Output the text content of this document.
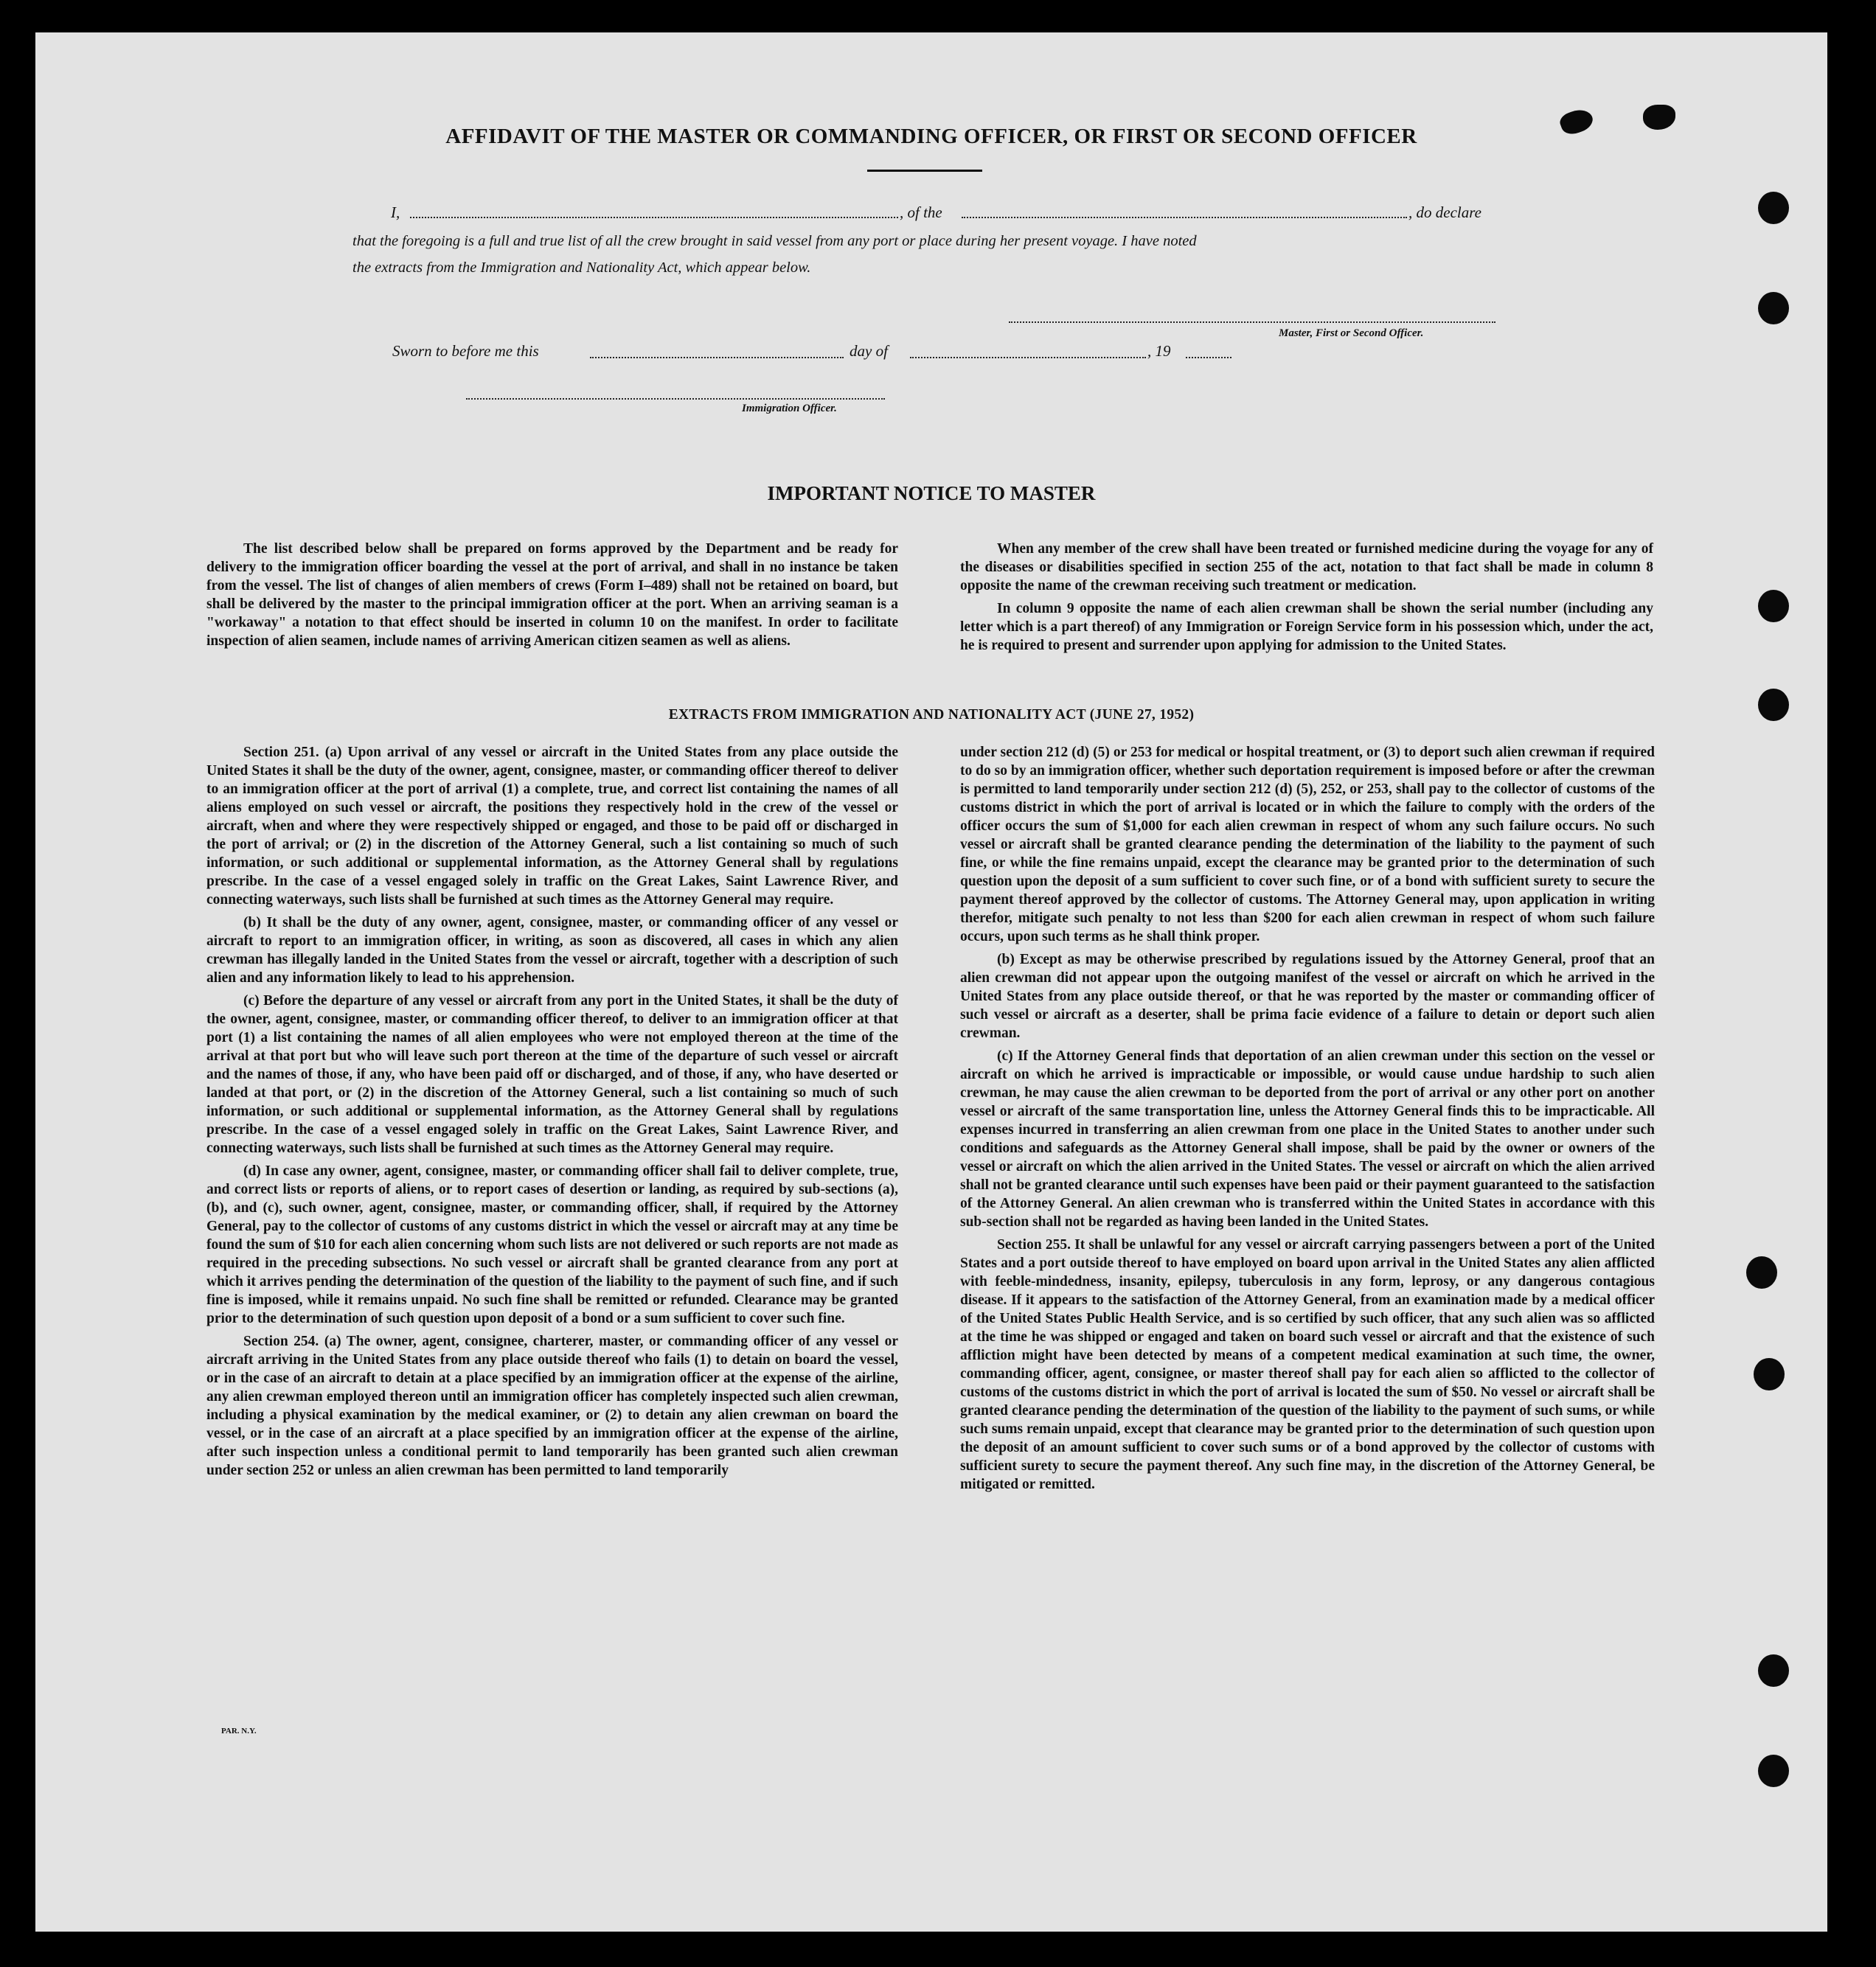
AFFIDAVIT OF THE MASTER OR COMMANDING OFFICER, OR FIRST OR SECOND OFFICER
I,	, of the	, do declare
that the foregoing is a full and true list of all the crew brought in said vessel from any port or place during her present voyage. I have noted
the extracts from the Immigration and Nationality Act, which appear below.
Master, First or Second Officer.
Sworn to before me this	day of	, 19
Immigration Officer.
IMPORTANT NOTICE TO MASTER

The list described below shall be prepared on forms approved by the Department and be ready for delivery to the immigration officer boarding the vessel at the port of arrival, and shall in no instance be taken from the vessel. The list of changes of alien members of crews (Form I–489) shall not be retained on board, but shall be delivered by the master to the principal immigration officer at the port. When an arriving seaman is a "workaway" a notation to that effect should be inserted in column 10 on the manifest. In order to facilitate inspection of alien seamen, include names of arriving American citizen seamen as well as aliens.

When any member of the crew shall have been treated or furnished medicine during the voyage for any of the diseases or disabilities specified in section 255 of the act, notation to that fact shall be made in column 8 opposite the name of the crewman receiving such treatment or medication.

In column 9 opposite the name of each alien crewman shall be shown the serial number (including any letter which is a part thereof) of any Immigration or Foreign Service form in his possession which, under the act, he is required to present and surrender upon applying for admission to the United States.

EXTRACTS FROM IMMIGRATION AND NATIONALITY ACT (JUNE 27, 1952)

Section 251. (a) Upon arrival of any vessel or aircraft in the United States from any place outside the United States it shall be the duty of the owner, agent, consignee, master, or commanding officer thereof to deliver to an immigration officer at the port of arrival (1) a complete, true, and correct list containing the names of all aliens employed on such vessel or aircraft, the positions they respectively hold in the crew of the vessel or aircraft, when and where they were respectively shipped or engaged, and those to be paid off or discharged in the port of arrival; or (2) in the discretion of the Attorney General, such a list containing so much of such information, or such additional or supplemental information, as the Attorney General shall by regulations prescribe. In the case of a vessel engaged solely in traffic on the Great Lakes, Saint Lawrence River, and connecting waterways, such lists shall be furnished at such times as the Attorney General may require.

(b) It shall be the duty of any owner, agent, consignee, master, or commanding officer of any vessel or aircraft to report to an immigration officer, in writing, as soon as discovered, all cases in which any alien crewman has illegally landed in the United States from the vessel or aircraft, together with a description of such alien and any information likely to lead to his apprehension.

(c) Before the departure of any vessel or aircraft from any port in the United States, it shall be the duty of the owner, agent, consignee, master, or commanding officer thereof, to deliver to an immigration officer at that port (1) a list containing the names of all alien employees who were not employed thereon at the time of the arrival at that port but who will leave such port thereon at the time of the departure of such vessel or aircraft and the names of those, if any, who have been paid off or discharged, and of those, if any, who have deserted or landed at that port, or (2) in the discretion of the Attorney General, such a list containing so much of such information, or such additional or supplemental information, as the Attorney General shall by regulations prescribe. In the case of a vessel engaged solely in traffic on the Great Lakes, Saint Lawrence River, and connecting waterways, such lists shall be furnished at such times as the Attorney General may require.

(d) In case any owner, agent, consignee, master, or commanding officer shall fail to deliver complete, true, and correct lists or reports of aliens, or to report cases of desertion or landing, as required by sub-sections (a), (b), and (c), such owner, agent, consignee, master, or commanding officer, shall, if required by the Attorney General, pay to the collector of customs of any customs district in which the vessel or aircraft may at any time be found the sum of $10 for each alien concerning whom such lists are not delivered or such reports are not made as required in the preceding subsections. No such vessel or aircraft shall be granted clearance from any port at which it arrives pending the determination of the question of the liability to the payment of such fine, and if such fine is imposed, while it remains unpaid. No such fine shall be remitted or refunded. Clearance may be granted prior to the determination of such question upon deposit of a bond or a sum sufficient to cover such fine.

Section 254. (a) The owner, agent, consignee, charterer, master, or commanding officer of any vessel or aircraft arriving in the United States from any place outside thereof who fails (1) to detain on board the vessel, or in the case of an aircraft to detain at a place specified by an immigration officer at the expense of the airline, any alien crewman employed thereon until an immigration officer has completely inspected such alien crewman, including a physical examination by the medical examiner, or (2) to detain any alien crewman on board the vessel, or in the case of an aircraft at a place specified by an immigration officer at the expense of the airline, after such inspection unless a conditional permit to land temporarily has been granted such alien crewman under section 252 or unless an alien crewman has been permitted to land temporarily

under section 212 (d) (5) or 253 for medical or hospital treatment, or (3) to deport such alien crewman if required to do so by an immigration officer, whether such deportation requirement is imposed before or after the crewman is permitted to land temporarily under section 212 (d) (5), 252, or 253, shall pay to the collector of customs of the customs district in which the port of arrival is located or in which the failure to comply with the orders of the officer occurs the sum of $1,000 for each alien crewman in respect of whom any such failure occurs. No such vessel or aircraft shall be granted clearance pending the determination of the liability to the payment of such fine, or while the fine remains unpaid, except the clearance may be granted prior to the determination of such question upon the deposit of a sum sufficient to cover such fine, or of a bond with sufficient surety to secure the payment thereof approved by the collector of customs. The Attorney General may, upon application in writing therefor, mitigate such penalty to not less than $200 for each alien crewman in respect of whom such failure occurs, upon such terms as he shall think proper.

(b) Except as may be otherwise prescribed by regulations issued by the Attorney General, proof that an alien crewman did not appear upon the outgoing manifest of the vessel or aircraft on which he arrived in the United States from any place outside thereof, or that he was reported by the master or commanding officer of such vessel or aircraft as a deserter, shall be prima facie evidence of a failure to detain or deport such alien crewman.

(c) If the Attorney General finds that deportation of an alien crewman under this section on the vessel or aircraft on which he arrived is impracticable or impossible, or would cause undue hardship to such alien crewman, he may cause the alien crewman to be deported from the port of arrival or any other port on another vessel or aircraft of the same transportation line, unless the Attorney General finds this to be impracticable. All expenses incurred in transferring an alien crewman from one place in the United States to another under such conditions and safeguards as the Attorney General shall impose, shall be paid by the owner or owners of the vessel or aircraft on which the alien arrived in the United States. The vessel or aircraft on which the alien arrived shall not be granted clearance until such expenses have been paid or their payment guaranteed to the satisfaction of the Attorney General. An alien crewman who is transferred within the United States in accordance with this sub-section shall not be regarded as having been landed in the United States.

Section 255. It shall be unlawful for any vessel or aircraft carrying passengers between a port of the United States and a port outside thereof to have employed on board upon arrival in the United States any alien afflicted with feeble-mindedness, insanity, epilepsy, tuberculosis in any form, leprosy, or any dangerous contagious disease. If it appears to the satisfaction of the Attorney General, from an examination made by a medical officer of the United States Public Health Service, and is so certified by such officer, that any such alien was so afflicted at the time he was shipped or engaged and taken on board such vessel or aircraft and that the existence of such affliction might have been detected by means of a competent medical examination at such time, the owner, commanding officer, agent, consignee, or master thereof shall pay for each alien so afflicted to the collector of customs of the customs district in which the port of arrival is located the sum of $50. No vessel or aircraft shall be granted clearance pending the determination of the question of the liability to the payment of such sums, or while such sums remain unpaid, except that clearance may be granted prior to the determination of such question upon the deposit of an amount sufficient to cover such sums or of a bond approved by the collector of customs with sufficient surety to secure the payment thereof. Any such fine may, in the discretion of the Attorney General, be mitigated or remitted.

PAR. N.Y.
